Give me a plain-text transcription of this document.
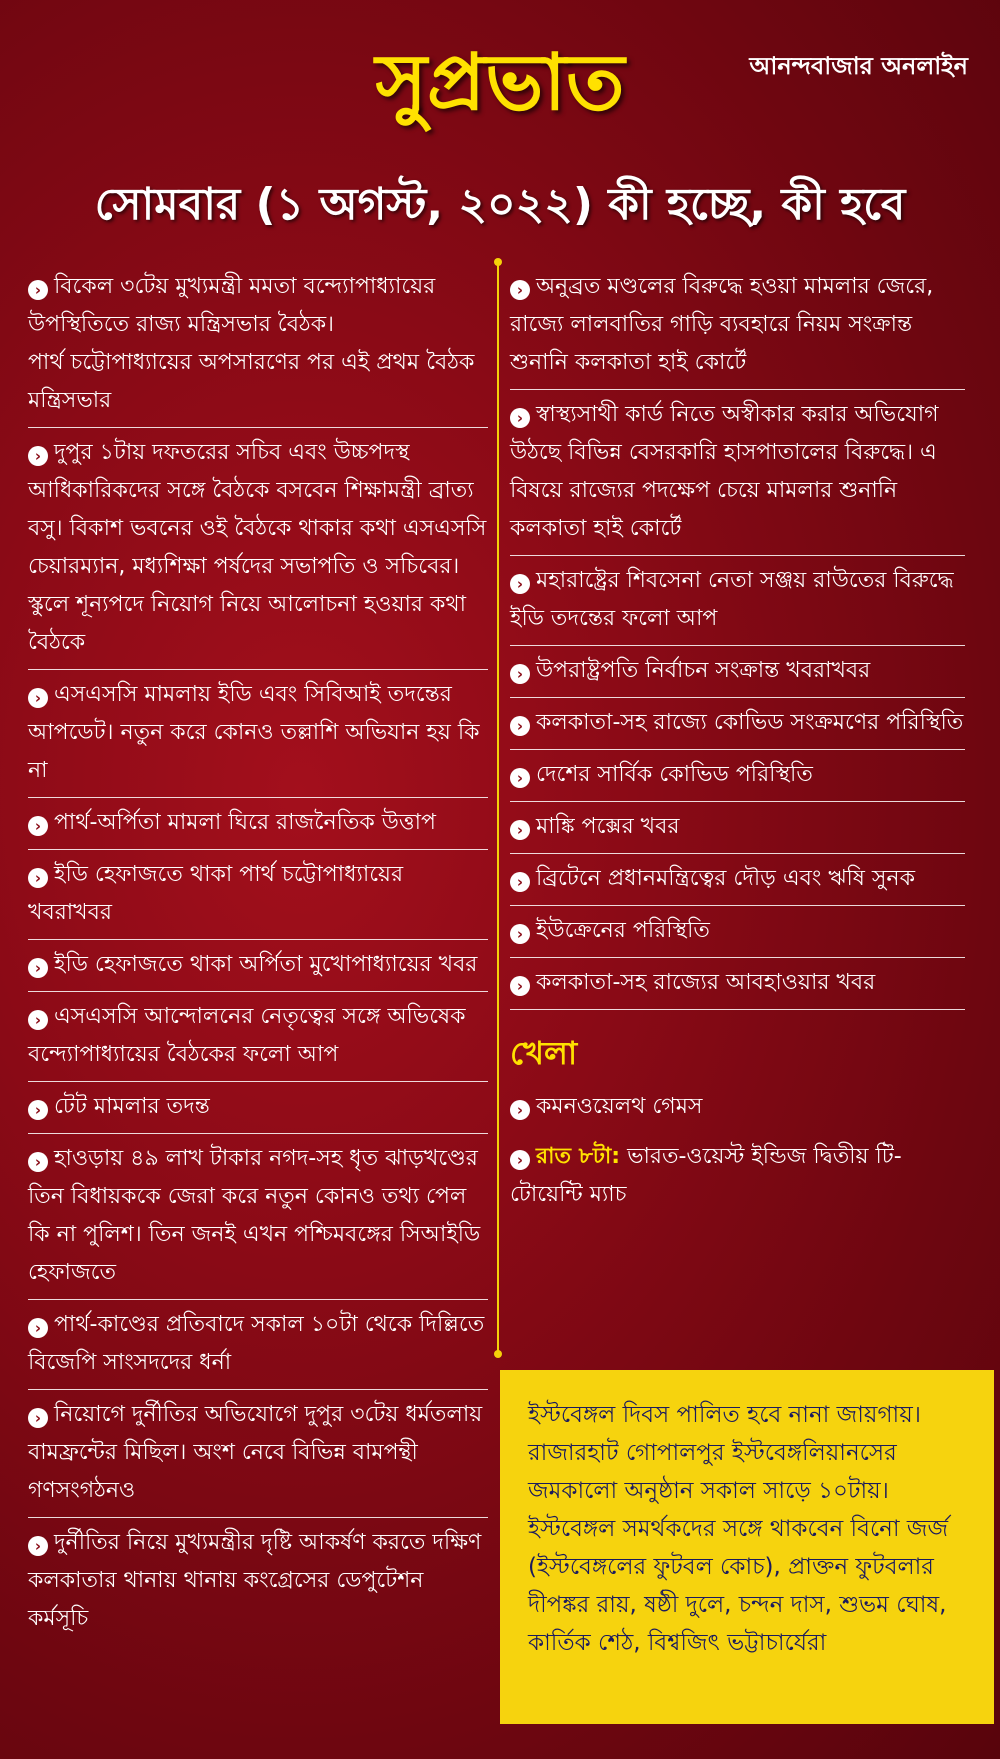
সুপ্রভাত	আনন্দবাজার অনলাইন
সোমবার (১ অগস্ট, ২০২২) কী হচ্ছে, কী হবে
› বিকেল ৩টেয় মুখ্যমন্ত্রী মমতা বন্দ্যোপাধ্যায়ের উপস্থিতিতে রাজ্য মন্ত্রিসভার বৈঠক।
পার্থ চট্টোপাধ্যায়ের অপসারণের পর এই প্রথম বৈঠক মন্ত্রিসভার
› দুপুর ১টায় দফতরের সচিব এবং উচ্চপদস্থ আধিকারিকদের সঙ্গে বৈঠকে বসবেন শিক্ষামন্ত্রী ব্রাত্য বসু। বিকাশ ভবনের ওই বৈঠকে থাকার কথা এসএসসি চেয়ারম্যান, মধ্যশিক্ষা পর্ষদের সভাপতি ও সচিবের। স্কুলে শূন্যপদে নিয়োগ নিয়ে আলোচনা হওয়ার কথা বৈঠকে
› এসএসসি মামলায় ইডি এবং সিবিআই তদন্তের আপডেট। নতুন করে কোনও তল্লাশি অভিযান হয় কি না
› পার্থ-অর্পিতা মামলা ঘিরে রাজনৈতিক উত্তাপ
› ইডি হেফাজতে থাকা পার্থ চট্টোপাধ্যায়ের খবরাখবর
› ইডি হেফাজতে থাকা অর্পিতা মুখোপাধ্যায়ের খবর
› এসএসসি আন্দোলনের নেতৃত্বের সঙ্গে অভিষেক বন্দ্যোপাধ্যায়ের বৈঠকের ফলো আপ
› টেট মামলার তদন্ত
› হাওড়ায় ৪৯ লাখ টাকার নগদ-সহ ধৃত ঝাড়খণ্ডের তিন বিধায়ককে জেরা করে নতুন কোনও তথ্য পেল কি না পুলিশ। তিন জনই এখন পশ্চিমবঙ্গের সিআইডি হেফাজতে
› পার্থ-কাণ্ডের প্রতিবাদে সকাল ১০টা থেকে দিল্লিতে বিজেপি সাংসদদের ধর্না
› নিয়োগে দুর্নীতির অভিযোগে দুপুর ৩টেয় ধর্মতলায় বামফ্রন্টের মিছিল। অংশ নেবে বিভিন্ন বামপন্থী গণসংগঠনও
› দুর্নীতির নিয়ে মুখ্যমন্ত্রীর দৃষ্টি আকর্ষণ করতে দক্ষিণ কলকাতার থানায় থানায় কংগ্রেসের ডেপুটেশন কর্মসূচি
› অনুব্রত মণ্ডলের বিরুদ্ধে হওয়া মামলার জেরে, রাজ্যে লালবাতির গাড়ি ব্যবহারে নিয়ম সংক্রান্ত শুনানি কলকাতা হাই কোর্টে
› স্বাস্থ্যসাথী কার্ড নিতে অস্বীকার করার অভিযোগ উঠছে বিভিন্ন বেসরকারি হাসপাতালের বিরুদ্ধে। এ বিষয়ে রাজ্যের পদক্ষেপ চেয়ে মামলার শুনানি কলকাতা হাই কোর্টে
› মহারাষ্ট্রের শিবসেনা নেতা সঞ্জয় রাউতের বিরুদ্ধে ইডি তদন্তের ফলো আপ
› উপরাষ্ট্রপতি নির্বাচন সংক্রান্ত খবরাখবর
› কলকাতা-সহ রাজ্যে কোভিড সংক্রমণের পরিস্থিতি
› দেশের সার্বিক কোভিড পরিস্থিতি
› মাঙ্কি পক্সের খবর
› ব্রিটেনে প্রধানমন্ত্রিত্বের দৌড় এবং ঋষি সুনক
› ইউক্রেনের পরিস্থিতি
› কলকাতা-সহ রাজ্যের আবহাওয়ার খবর
খেলা
› কমনওয়েলথ গেমস
› রাত ৮টা: ভারত-ওয়েস্ট ইন্ডিজ দ্বিতীয় টি-টোয়েন্টি ম্যাচ
ইস্টবেঙ্গল দিবস পালিত হবে নানা জায়গায়। রাজারহাট গোপালপুর ইস্টবেঙ্গলিয়ানসের জমকালো অনুষ্ঠান সকাল সাড়ে ১০টায়। ইস্টবেঙ্গল সমর্থকদের সঙ্গে থাকবেন বিনো জর্জ (ইস্টবেঙ্গলের ফুটবল কোচ), প্রাক্তন ফুটবলার দীপঙ্কর রায়, ষষ্ঠী দুলে, চন্দন দাস, শুভম ঘোষ, কার্তিক শেঠ, বিশ্বজিৎ ভট্টাচার্যেরা
